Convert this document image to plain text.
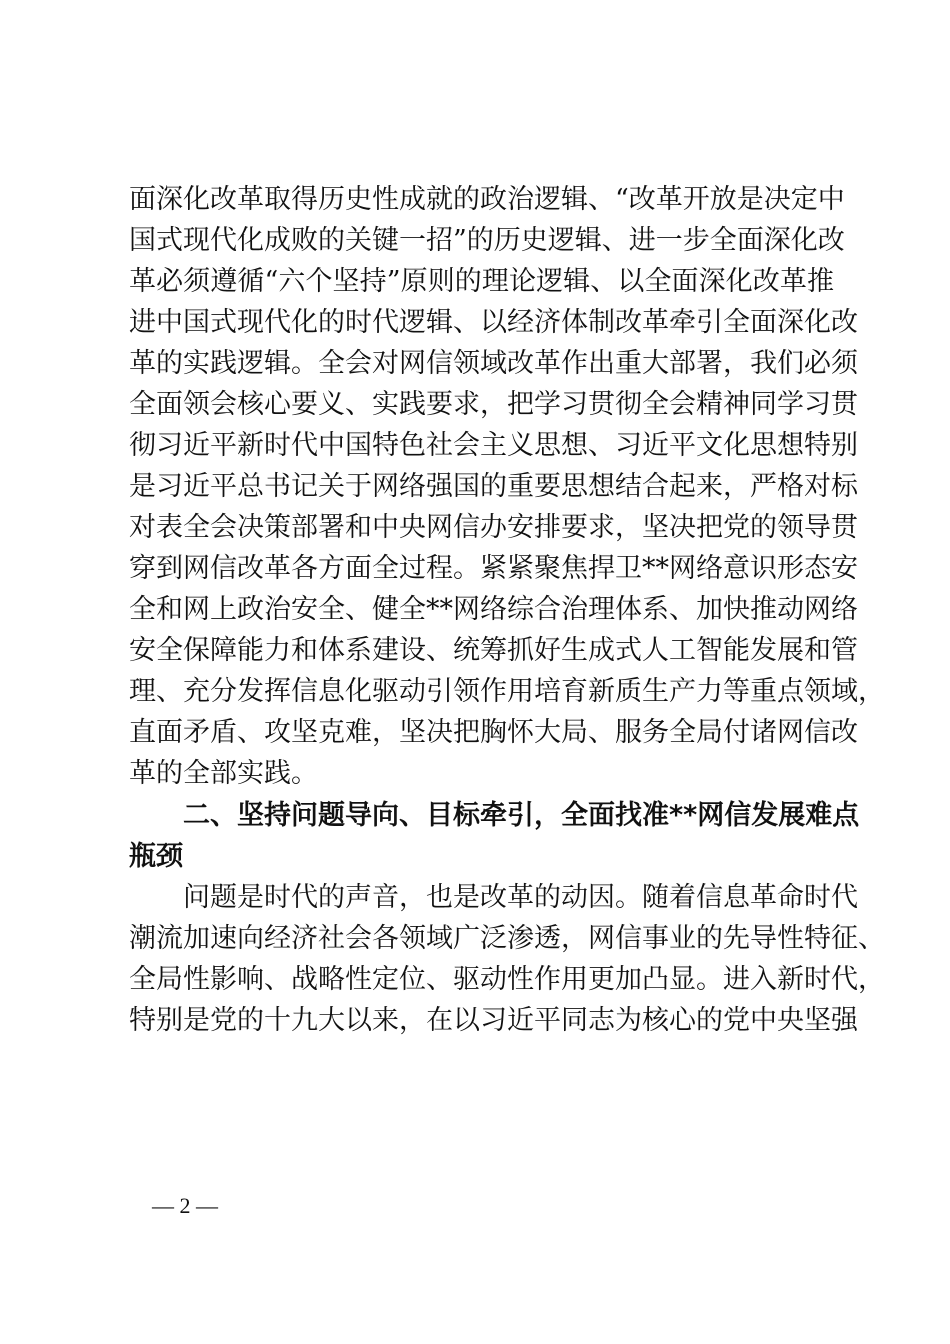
面深化改革取得历史性成就的政治逻辑、“改革开放是决定中
国式现代化成败的关键一招”的历史逻辑、进一步全面深化改
革必须遵循“六个坚持”原则的理论逻辑、以全面深化改革推
进中国式现代化的时代逻辑、以经济体制改革牵引全面深化改
革的实践逻辑。全会对网信领域改革作出重大部署，我们必须
全面领会核心要义、实践要求，把学习贯彻全会精神同学习贯
彻习近平新时代中国特色社会主义思想、习近平文化思想特别
是习近平总书记关于网络强国的重要思想结合起来，严格对标
对表全会决策部署和中央网信办安排要求，坚决把党的领导贯
穿到网信改革各方面全过程。紧紧聚焦捍卫**网络意识形态安
全和网上政治安全、健全**网络综合治理体系、加快推动网络
安全保障能力和体系建设、统筹抓好生成式人工智能发展和管
理、充分发挥信息化驱动引领作用培育新质生产力等重点领域，
直面矛盾、攻坚克难，坚决把胸怀大局、服务全局付诸网信改
革的全部实践。
二、坚持问题导向、目标牵引，全面找准**网信发展难点
瓶颈
问题是时代的声音，也是改革的动因。随着信息革命时代
潮流加速向经济社会各领域广泛渗透，网信事业的先导性特征、
全局性影响、战略性定位、驱动性作用更加凸显。进入新时代，
特别是党的十九大以来，在以习近平同志为核心的党中央坚强
— 2 —
